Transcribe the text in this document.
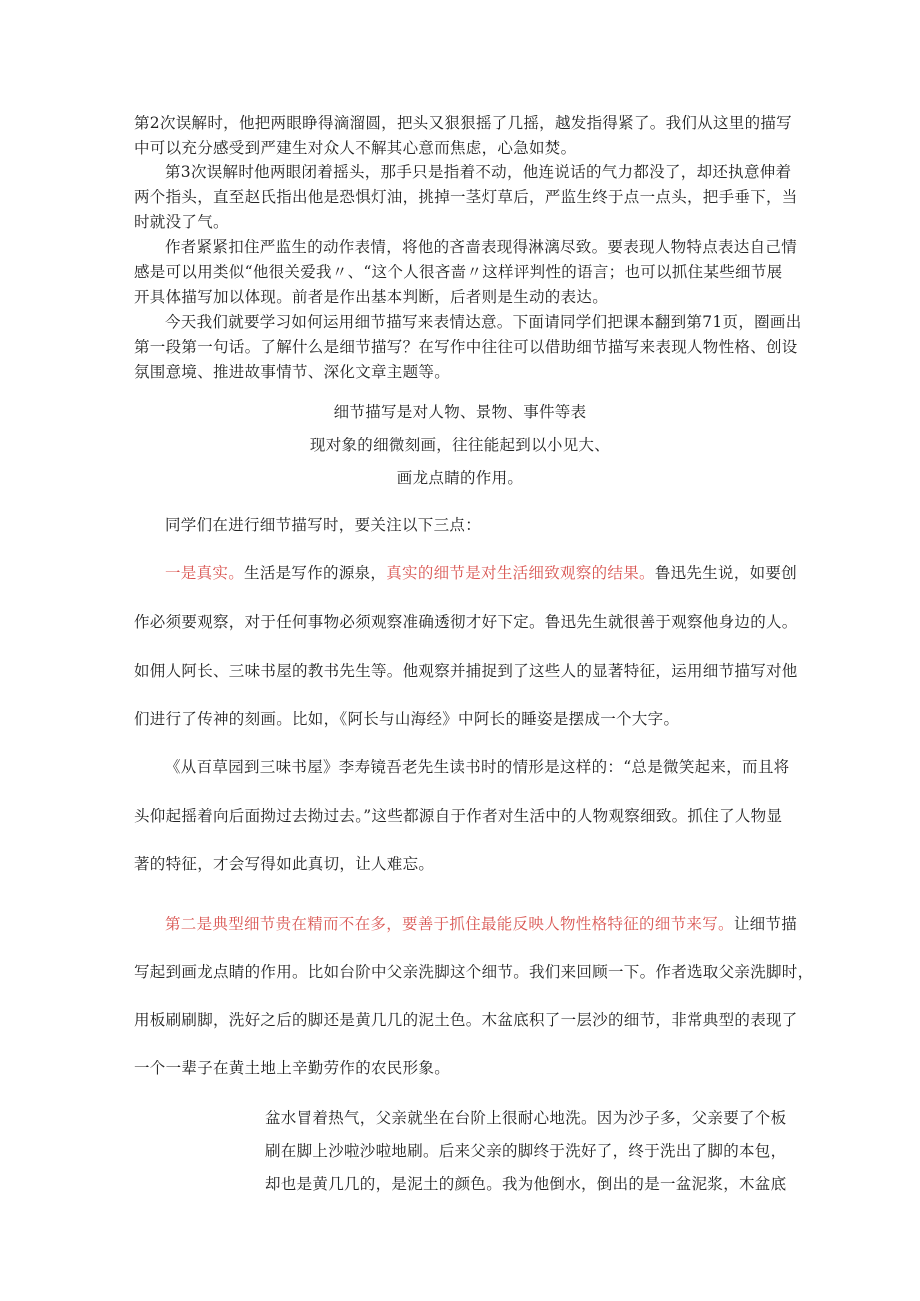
第2次误解时，他把两眼睁得滴溜圆，把头又狠狠摇了几摇，越发指得紧了。我们从这里的描写
中可以充分感受到严建生对众人不解其心意而焦虑，心急如焚。
第3次误解时他两眼闭着摇头，那手只是指着不动，他连说话的气力都没了，却还执意伸着
两个指头，直至赵氏指出他是恐惧灯油，挑掉一茎灯草后，严监生终于点一点头，把手垂下，当
时就没了气。
作者紧紧扣住严监生的动作表情，将他的吝啬表现得淋漓尽致。要表现人物特点表达自己情
感是可以用类似“他很关爱我〃、“这个人很吝啬〃这样评判性的语言；也可以抓住某些细节展
开具体描写加以体现。前者是作出基本判断，后者则是生动的表达。
今天我们就要学习如何运用细节描写来表情达意。下面请同学们把课本翻到第71页，圈画出
第一段第一句话。了解什么是细节描写？在写作中往往可以借助细节描写来表现人物性格、创设
氛围意境、推进故事情节、深化文章主题等。
细节描写是对人物、景物、事件等表
现对象的细微刻画，往往能起到以小见大、
画龙点睛的作用。
同学们在进行细节描写时，要关注以下三点：
一是真实。生活是写作的源泉，真实的细节是对生活细致观察的结果。鲁迅先生说，如要创
作必须要观察，对于任何事物必须观察准确透彻才好下定。鲁迅先生就很善于观察他身边的人。
如佣人阿长、三味书屋的教书先生等。他观察并捕捉到了这些人的显著特征，运用细节描写对他
们进行了传神的刻画。比如，《阿长与山海经》中阿长的睡姿是摆成一个大字。
《从百草园到三味书屋》李寿镜吾老先生读书时的情形是这样的：“总是微笑起来，而且将
头仰起摇着向后面拗过去拗过去。”这些都源自于作者对生活中的人物观察细致。抓住了人物显
著的特征，才会写得如此真切，让人难忘。
第二是典型细节贵在精而不在多，要善于抓住最能反映人物性格特征的细节来写。让细节描
写起到画龙点睛的作用。比如台阶中父亲洗脚这个细节。我们来回顾一下。作者选取父亲洗脚时，
用板刷刷脚，洗好之后的脚还是黄几几的泥土色。木盆底积了一层沙的细节，非常典型的表现了
一个一辈子在黄土地上辛勤劳作的农民形象。
盆水冒着热气，父亲就坐在台阶上很耐心地洗。因为沙子多，父亲要了个板
刷在脚上沙啦沙啦地刷。后来父亲的脚终于洗好了，终于洗出了脚的本包，
却也是黄几几的，是泥土的颜色。我为他倒水，倒出的是一盆泥浆，木盆底
